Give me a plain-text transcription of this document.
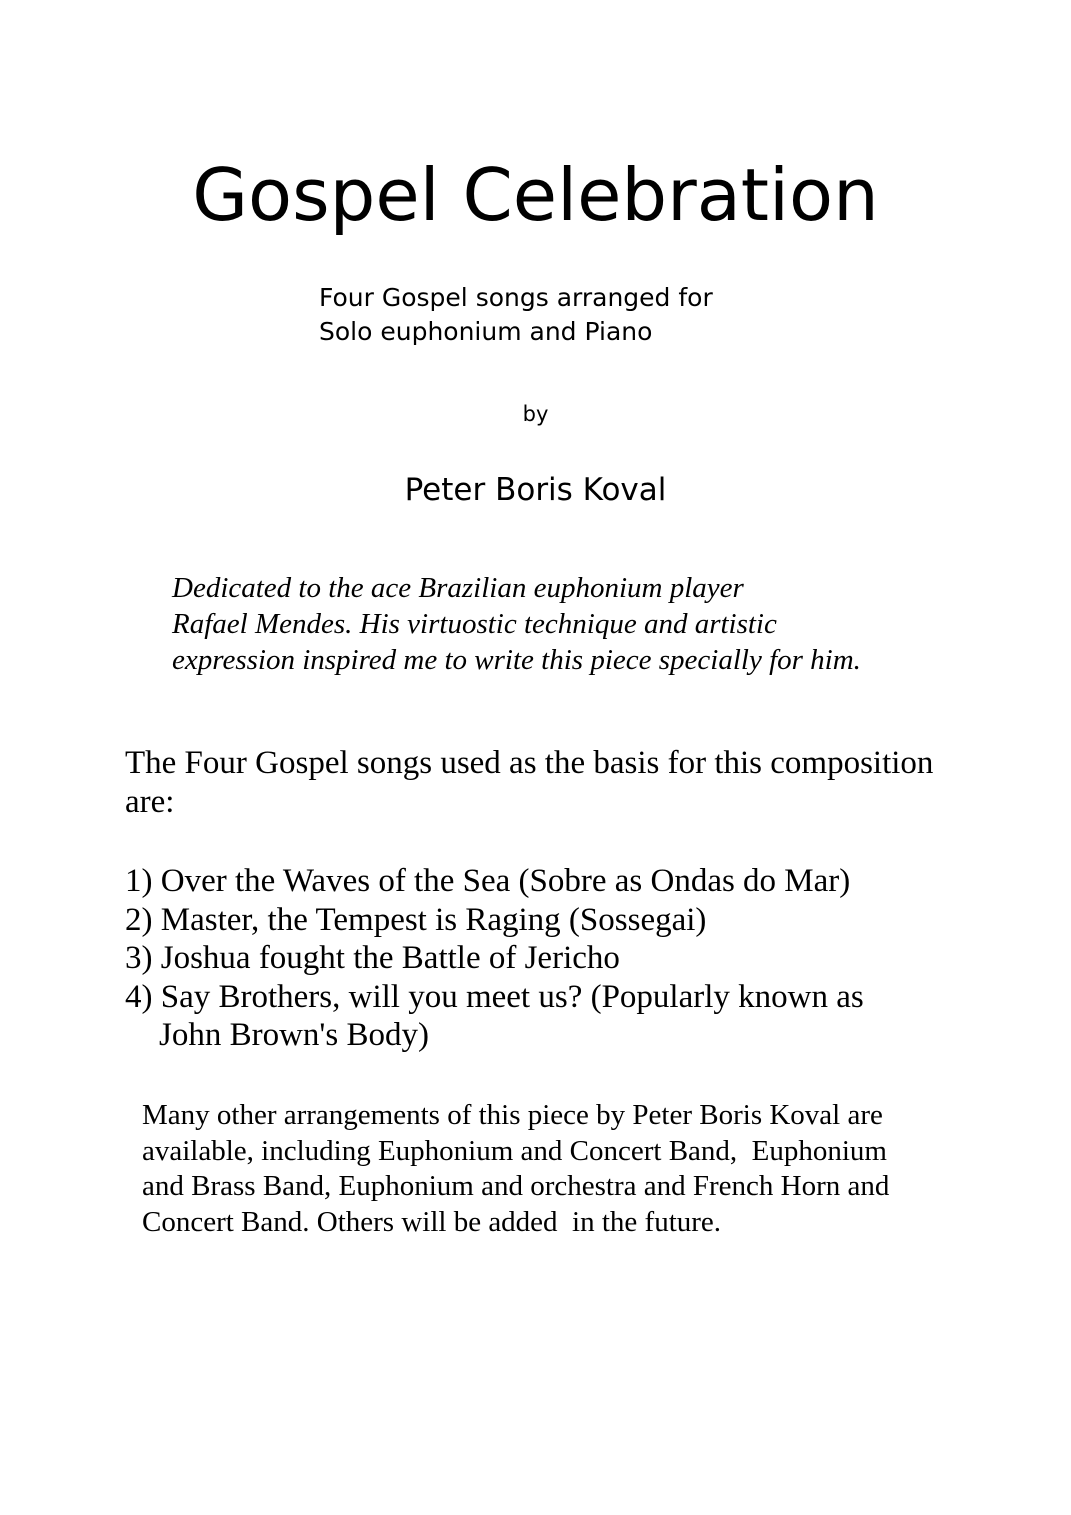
Gospel Celebration
Four Gospel songs arranged for
Solo euphonium and Piano
by
Peter Boris Koval
Dedicated to the ace Brazilian euphonium player
Rafael Mendes. His virtuostic technique and artistic
expression inspired me to write this piece specially for him.
The Four Gospel songs used as the basis for this composition
are:
1) Over the Waves of the Sea (Sobre as Ondas do Mar)
2) Master, the Tempest is Raging (Sossegai)
3) Joshua fought the Battle of Jericho
4) Say Brothers, will you meet us? (Popularly known as
John Brown's Body)
Many other arrangements of this piece by Peter Boris Koval are
available, including Euphonium and Concert Band,  Euphonium
and Brass Band, Euphonium and orchestra and French Horn and
Concert Band. Others will be added  in the future.
